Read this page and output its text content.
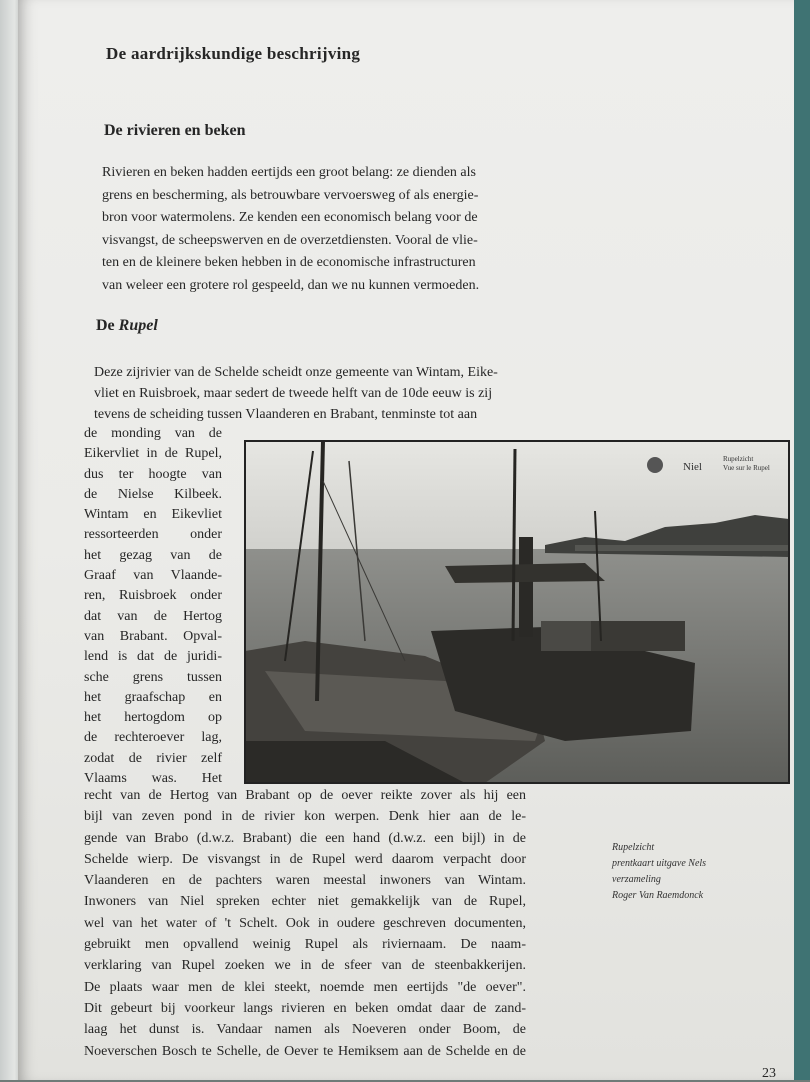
De aardrijkskundige beschrijving
De rivieren en beken
Rivieren en beken hadden eertijds een groot belang: ze dienden als
grens en bescherming, als betrouwbare vervoersweg of als energie-
bron voor watermolens. Ze kenden een economisch belang voor de
visvangst, de scheepswerven en de overzetdiensten. Vooral de vlie-
ten en de kleinere beken hebben in de economische infrastructuren
van weleer een grotere rol gespeeld, dan we nu kunnen vermoeden.
De Rupel
Deze zijrivier van de Schelde scheidt onze gemeente van Wintam, Eike-
vliet en Ruisbroek, maar sedert de tweede helft van de 10de eeuw is zij
tevens de scheiding tussen Vlaanderen en Brabant, tenminste tot aan
de monding van de
Eikervliet in de Rupel,
dus ter hoogte van
de Nielse Kilbeek.
Wintam en Eikevliet
ressorteerden onder
het gezag van de
Graaf van Vlaande-
ren, Ruisbroek onder
dat van de Hertog
van Brabant. Opval-
lend is dat de juridi-
sche grens tussen
het graafschap en
het hertogdom op
de rechteroever lag,
zodat de rivier zelf
Vlaams was. Het
Niel
Rupelzicht
Vue sur le Rupel
recht van de Hertog van Brabant op de oever reikte zover als hij een
bijl van zeven pond in de rivier kon werpen. Denk hier aan de le-
gende van Brabo (d.w.z. Brabant) die een hand (d.w.z. een bijl) in de
Schelde wierp. De visvangst in de Rupel werd daarom verpacht door
Vlaanderen en de pachters waren meestal inwoners van Wintam.
Inwoners van Niel spreken echter niet gemakkelijk van de Rupel,
wel van het water of 't Schelt. Ook in oudere geschreven documenten,
gebruikt men opvallend weinig Rupel als riviernaam. De naam-
verklaring van Rupel zoeken we in de sfeer van de steenbakkerijen.
De plaats waar men de klei steekt, noemde men eertijds "de oever".
Dit gebeurt bij voorkeur langs rivieren en beken omdat daar de zand-
laag het dunst is. Vandaar namen als Noeveren onder Boom, de
Noeverschen Bosch te Schelle, de Oever te Hemiksem aan de Schelde en de
Rupelzicht
prentkaart uitgave Nels
verzameling
Roger Van Raemdonck
23
